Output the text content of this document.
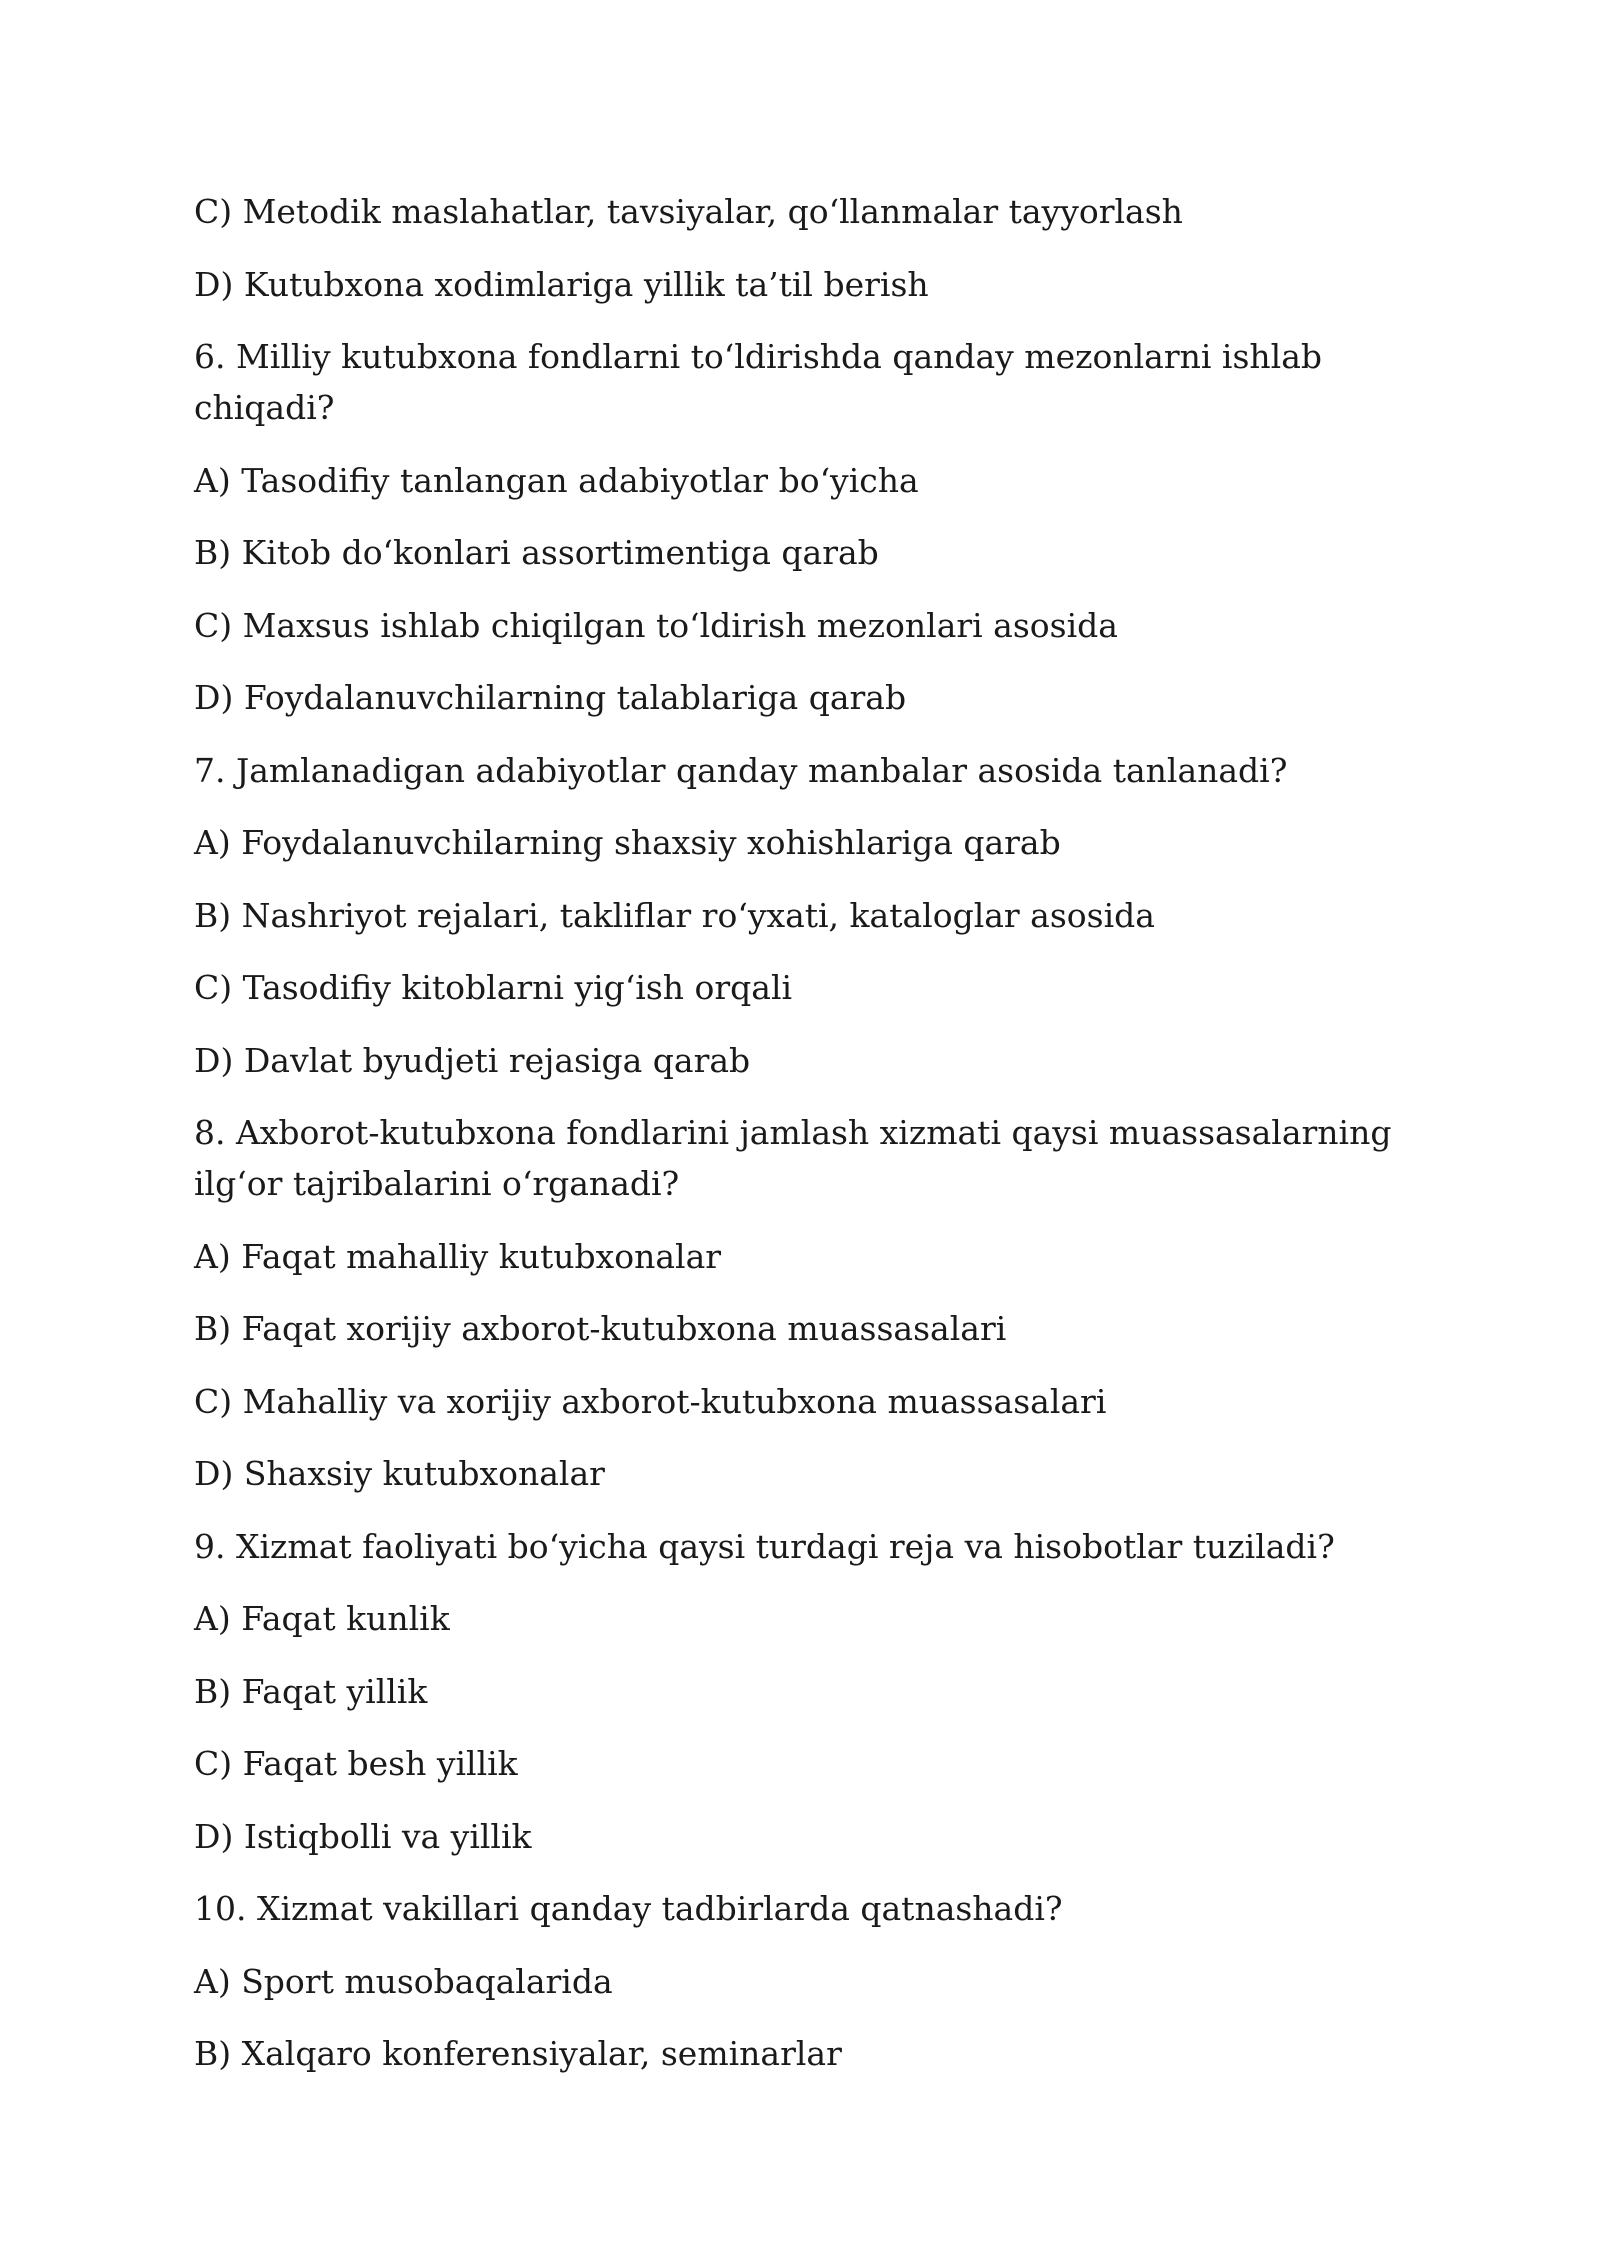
C) Metodik maslahatlar, tavsiyalar, qo‘llanmalar tayyorlash

D) Kutubxona xodimlariga yillik ta’til berish

6. Milliy kutubxona fondlarni to‘ldirishda qanday mezonlarni ishlab chiqadi?

A) Tasodifiy tanlangan adabiyotlar bo‘yicha

B) Kitob do‘konlari assortimentiga qarab

C) Maxsus ishlab chiqilgan to‘ldirish mezonlari asosida

D) Foydalanuvchilarning talablariga qarab

7. Jamlanadigan adabiyotlar qanday manbalar asosida tanlanadi?

A) Foydalanuvchilarning shaxsiy xohishlariga qarab

B) Nashriyot rejalari, takliflar ro‘yxati, kataloglar asosida

C) Tasodifiy kitoblarni yig‘ish orqali

D) Davlat byudjeti rejasiga qarab

8. Axborot-kutubxona fondlarini jamlash xizmati qaysi muassasalarning ilg‘or tajribalarini o‘rganadi?

A) Faqat mahalliy kutubxonalar

B) Faqat xorijiy axborot-kutubxona muassasalari

C) Mahalliy va xorijiy axborot-kutubxona muassasalari

D) Shaxsiy kutubxonalar

9. Xizmat faoliyati bo‘yicha qaysi turdagi reja va hisobotlar tuziladi?

A) Faqat kunlik

B) Faqat yillik

C) Faqat besh yillik

D) Istiqbolli va yillik

10. Xizmat vakillari qanday tadbirlarda qatnashadi?

A) Sport musobaqalarida

B) Xalqaro konferensiyalar, seminarlar
